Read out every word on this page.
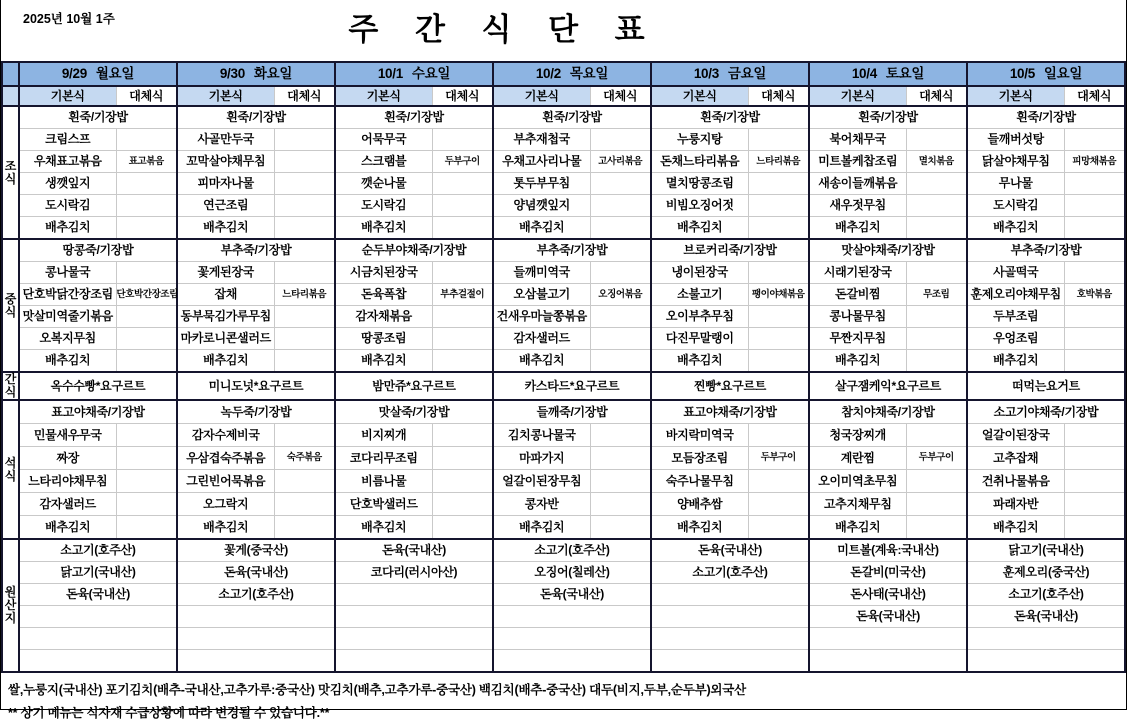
2025년 10월 1주	주 간 식 단 표
	9/29 월요일		9/30 화요일		10/1 수요일		10/2 목요일		10/3 금요일		10/4 토요일		10/5 일요일	
	기본식	대체식	기본식	대체식	기본식	대체식	기본식	대체식	기본식	대체식	기본식	대체식	기본식	대체식
조식	흰죽/기장밥		흰죽/기장밥		흰죽/기장밥		흰죽/기장밥		흰죽/기장밥		흰죽/기장밥		흰죽/기장밥	
	크림스프		사골만두국		어묵무국		부추재첩국		누룽지탕		북어채무국		들깨버섯탕	
	우채표고볶음	표고볶음	꼬막살야채무침		스크램블	두부구이	우채고사리나물	고사리볶음	돈채느타리볶음	느타리볶음	미트볼케찹조림	멸치볶음	닭살야채무침	피망채볶음
	생깻잎지		피마자나물		깻순나물		톳두부무침		멸치땅콩조림		새송이들깨볶음		무나물	
	도시락김		연근조림		도시락김		양념깻잎지		비빔오징어젓		새우젓무침		도시락김	
	배추김치		배추김치		배추김치		배추김치		배추김치		배추김치		배추김치	
중식	땅콩죽/기장밥		부추죽/기장밥		순두부야채죽/기장밥		부추죽/기장밥		브로커리죽/기장밥		맛살야채죽/기장밥		부추죽/기장밥	
	콩나물국		꽃게된장국		시금치된장국		들깨미역국		냉이된장국		시래기된장국		사골떡국	
	단호박닭간장조림	단호박간장조림	잡채	느타리볶음	돈육폭찹	부추걸절이	오삼불고기	오징어볶음	소불고기	팽이야채볶음	돈갈비찜	무조림	훈제오리야채무침	호박볶음
	맛살미역줄기볶음		동부묵김가루무침		감자채볶음		건새우마늘쫑볶음		오이부추무침		콩나물무침		두부조림	
	오복지무침		마카로니콘샐러드		땅콩조림		감자샐러드		다진무말랭이		무짠지무침		우엉조림	
	배추김치		배추김치		배추김치		배추김치		배추김치		배추김치		배추김치	
간식	옥수수빵*요구르트		미니도넛*요구르트		밤만쥬*요구르트		카스타드*요구르트		찐빵*요구르트		살구잼케익*요구르트		떠먹는요거트	
석식	표고야채죽/기장밥		녹두죽/기장밥		맛살죽/기장밥		들깨죽/기장밥		표고야채죽/기장밥		참치야채죽/기장밥		소고기야채죽/기장밥	
	민물새우무국		감자수제비국		비지찌개		김치콩나물국		바지락미역국		청국장찌개		얼갈이된장국	
	짜장		우삼겹숙주볶음	숙주볶음	코다리무조림		마파가지		모듬장조림	두부구이	계란찜	두부구이	고추잡채	
	느타리야채무침		그린빈어묵볶음		비름나물		얼갈이된장무침		숙주나물무침		오이미역초무침		건취나물볶음	
	감자샐러드		오그락지		단호박샐러드		콩자반		양배추쌈		고추지채무침		파래자반	
	배추김치		배추김치		배추김치		배추김치		배추김치		배추김치		배추김치	
원산지	소고기(호주산)		꽃게(중국산)		돈육(국내산)		소고기(호주산)		돈육(국내산)		미트볼(계육:국내산)		닭고기(국내산)	
	닭고기(국내산)		돈육(국내산)		코다리(러시아산)		오징어(칠레산)		소고기(호주산)		돈갈비(미국산)		훈제오리(중국산)	
	돈육(국내산)		소고기(호주산)				돈육(국내산)				돈사태(국내산)		소고기(호주산)	
											돈육(국내산)		돈육(국내산)	

쌀,누룽지(국내산) 포기김치(배추-국내산,고추가루:중국산) 맛김치(배추,고추가루-중국산) 백김치(배추-중국산) 대두(비지,두부,순두부)외국산
** 상기 메뉴는 식자재 수급상황에 따라 변경될 수 있습니다.**
